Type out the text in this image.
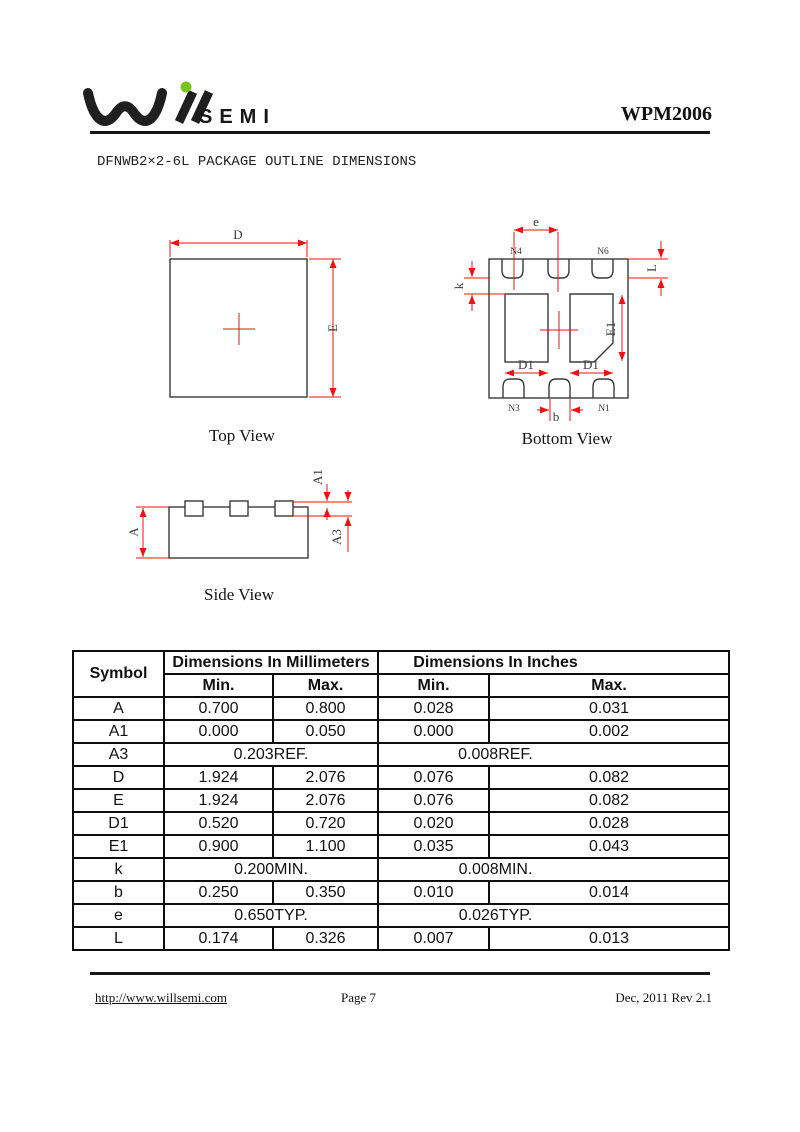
SEMI	WPM2006
DFNWB2×2-6L PACKAGE OUTLINE DIMENSIONS
D
E
Top View
e
k
L
E1
D1	D1
b
N4	N6
N3	N1
Bottom View
A
A1
A3
Side View
Symbol	Dimensions In Millimeters		Dimensions In Inches	
	Min.	Max.	Min.	Max.
A	0.700	0.800	0.028	0.031
A1	0.000	0.050	0.000	0.002
A3	0.203REF.		0.008REF.	
D	1.924	2.076	0.076	0.082
E	1.924	2.076	0.076	0.082
D1	0.520	0.720	0.020	0.028
E1	0.900	1.100	0.035	0.043
k	0.200MIN.		0.008MIN.	
b	0.250	0.350	0.010	0.014
e	0.650TYP.		0.026TYP.	
L	0.174	0.326	0.007	0.013
http://www.willsemi.com	Page 7	Dec, 2011 Rev 2.1
